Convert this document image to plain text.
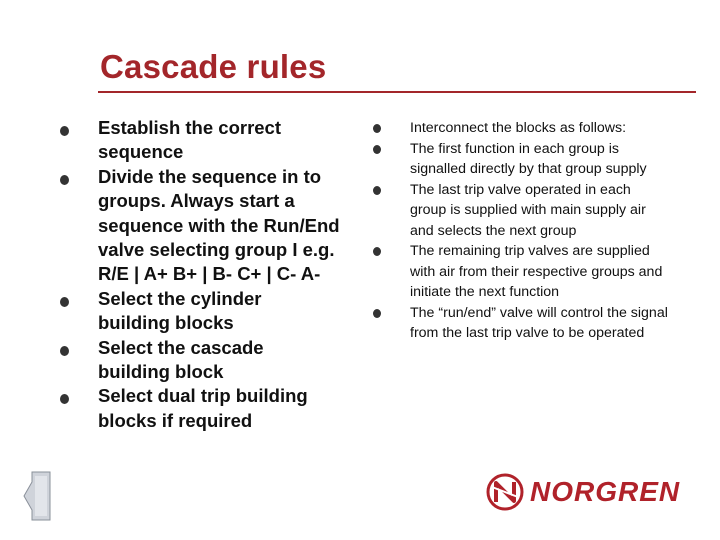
Cascade rules
Establish the correct sequence
Divide the sequence in to groups. Always start a sequence with the Run/End valve selecting group I e.g. R/E | A+ B+ | B- C+ | C- A-
Select the cylinder building blocks
Select the cascade building block
Select dual trip building blocks if required
Interconnect the blocks as follows:
The first function in each group is signalled directly by that group supply
The last trip valve operated in each group is supplied with main supply air and selects the next group
The remaining trip valves are supplied with air from their respective groups and initiate the next function
The “run/end” valve will control the signal from the last trip valve to be operated
NORGREN
